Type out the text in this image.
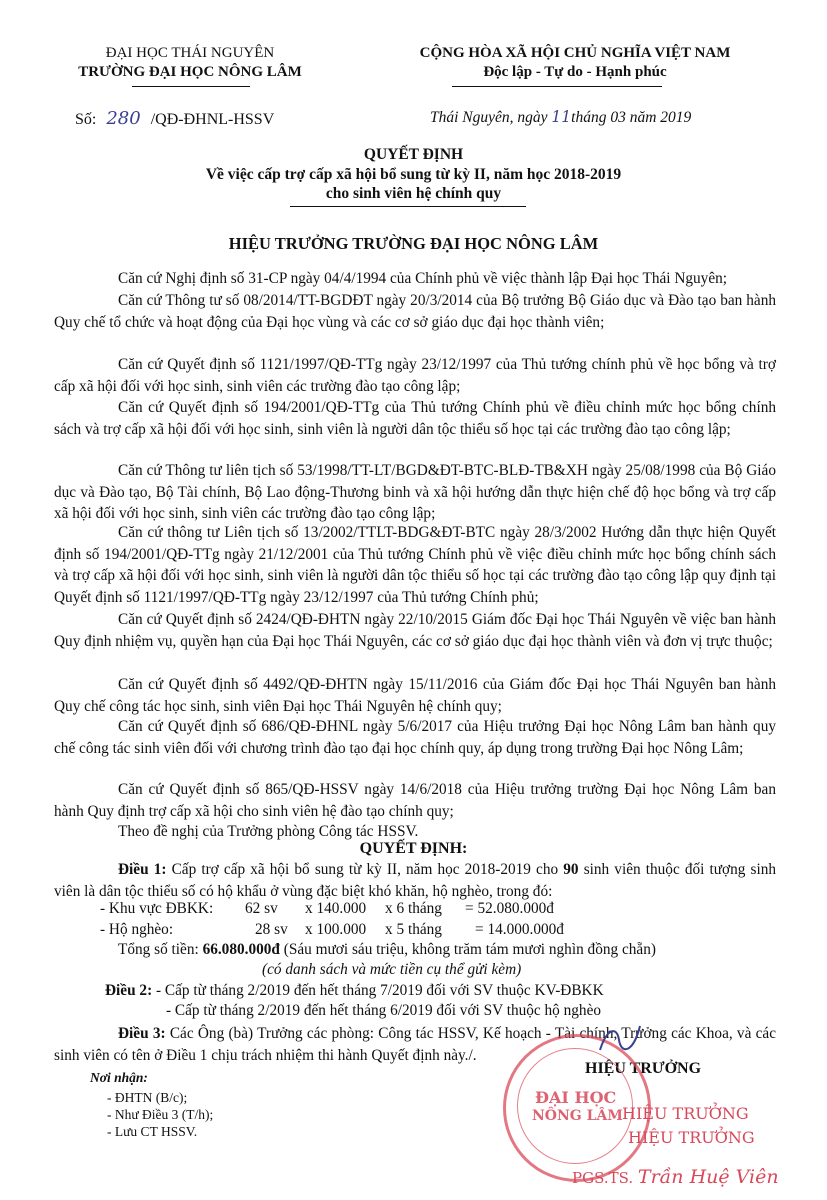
ĐẠI HỌC THÁI NGUYÊN
TRƯỜNG ĐẠI HỌC NÔNG LÂM
Số: 280 /QĐ-ĐHNL-HSSV
CỘNG HÒA XÃ HỘI CHỦ NGHĨA VIỆT NAM
Độc lập - Tự do - Hạnh phúc
Thái Nguyên, ngày 11tháng 03 năm 2019
QUYẾT ĐỊNH
Về việc cấp trợ cấp xã hội bổ sung từ kỳ II, năm học 2018-2019
cho sinh viên hệ chính quy
HIỆU TRƯỞNG TRƯỜNG ĐẠI HỌC NÔNG LÂM
Căn cứ Nghị định số 31-CP ngày 04/4/1994 của Chính phủ về việc thành lập Đại học Thái Nguyên;
Căn cứ Thông tư số 08/2014/TT-BGDĐT ngày 20/3/2014 của Bộ trưởng Bộ Giáo dục và Đào tạo ban hành Quy chế tổ chức và hoạt động của Đại học vùng và các cơ sở giáo dục đại học thành viên;
Căn cứ Quyết định số 1121/1997/QĐ-TTg ngày 23/12/1997 của Thủ tướng chính phủ về học bổng và trợ cấp xã hội đối với học sinh, sinh viên các trường đào tạo công lập;
Căn cứ Quyết định số 194/2001/QĐ-TTg của Thủ tướng Chính phủ về điều chỉnh mức học bổng chính sách và trợ cấp xã hội đối với học sinh, sinh viên là người dân tộc thiểu số học tại các trường đào tạo công lập;
Căn cứ Thông tư liên tịch số 53/1998/TT-LT/BGD&ĐT-BTC-BLĐ-TB&XH ngày 25/08/1998 của Bộ Giáo dục và Đào tạo, Bộ Tài chính, Bộ Lao động-Thương binh và xã hội hướng dẫn thực hiện chế độ học bổng và trợ cấp xã hội đối với học sinh, sinh viên các trường đào tạo công lập;
Căn cứ thông tư Liên tịch số 13/2002/TTLT-BDG&ĐT-BTC ngày 28/3/2002 Hướng dẫn thực hiện Quyết định số 194/2001/QĐ-TTg ngày 21/12/2001 của Thủ tướng Chính phủ về việc điều chỉnh mức học bổng chính sách và trợ cấp xã hội đối với học sinh, sinh viên là người dân tộc thiểu số học tại các trường đào tạo công lập quy định tại Quyết định số 1121/1997/QĐ-TTg ngày 23/12/1997 của Thủ tướng Chính phủ;
Căn cứ Quyết định số 2424/QĐ-ĐHTN ngày 22/10/2015 Giám đốc Đại học Thái Nguyên về việc ban hành Quy định nhiệm vụ, quyền hạn của Đại học Thái Nguyên, các cơ sở giáo dục đại học thành viên và đơn vị trực thuộc;
Căn cứ Quyết định số 4492/QĐ-ĐHTN ngày 15/11/2016 của Giám đốc Đại học Thái Nguyên ban hành Quy chế công tác học sinh, sinh viên Đại học Thái Nguyên hệ chính quy;
Căn cứ Quyết định số 686/QĐ-ĐHNL ngày 5/6/2017 của Hiệu trưởng Đại học Nông Lâm ban hành quy chế công tác sinh viên đối với chương trình đào tạo đại học chính quy, áp dụng trong trường Đại học Nông Lâm;
Căn cứ Quyết định số 865/QĐ-HSSV ngày 14/6/2018 của Hiệu trưởng trường Đại học Nông Lâm ban hành Quy định trợ cấp xã hội cho sinh viên hệ đào tạo chính quy;
Theo đề nghị của Trưởng phòng Công tác HSSV.
QUYẾT ĐỊNH:
Điều 1: Cấp trợ cấp xã hội bổ sung từ kỳ II, năm học 2018-2019 cho 90 sinh viên thuộc đối tượng sinh viên là dân tộc thiểu số có hộ khẩu ở vùng đặc biệt khó khăn, hộ nghèo, trong đó:
- Khu vực ĐBKK: 62 sv x 140.000 x 6 tháng = 52.080.000đ
- Hộ nghèo:	28 sv x 100.000 x 5 tháng = 14.000.000đ
Tổng số tiền: 66.080.000đ (Sáu mươi sáu triệu, không trăm tám mươi nghìn đồng chẵn)
(có danh sách và mức tiền cụ thể gửi kèm)
Điều 2: - Cấp từ tháng 2/2019 đến hết tháng 7/2019 đối với SV thuộc KV-ĐBKK
- Cấp từ tháng 2/2019 đến hết tháng 6/2019 đối với SV thuộc hộ nghèo
Điều 3: Các Ông (bà) Trưởng các phòng: Công tác HSSV, Kế hoạch - Tài chính, Trưởng các Khoa, và các sinh viên có tên ở Điều 1 chịu trách nhiệm thi hành Quyết định này./.
Nơi nhận:
- ĐHTN (B/c);
- Như Điều 3 (T/h);
- Lưu CT HSSV.
HIỆU TRƯỞNG
ĐẠI HỌC
NÔNG LÂM HIỆU TRƯỞNG
HIỆU TRƯỞNG
PGS.TS. Trần Huệ Viên
